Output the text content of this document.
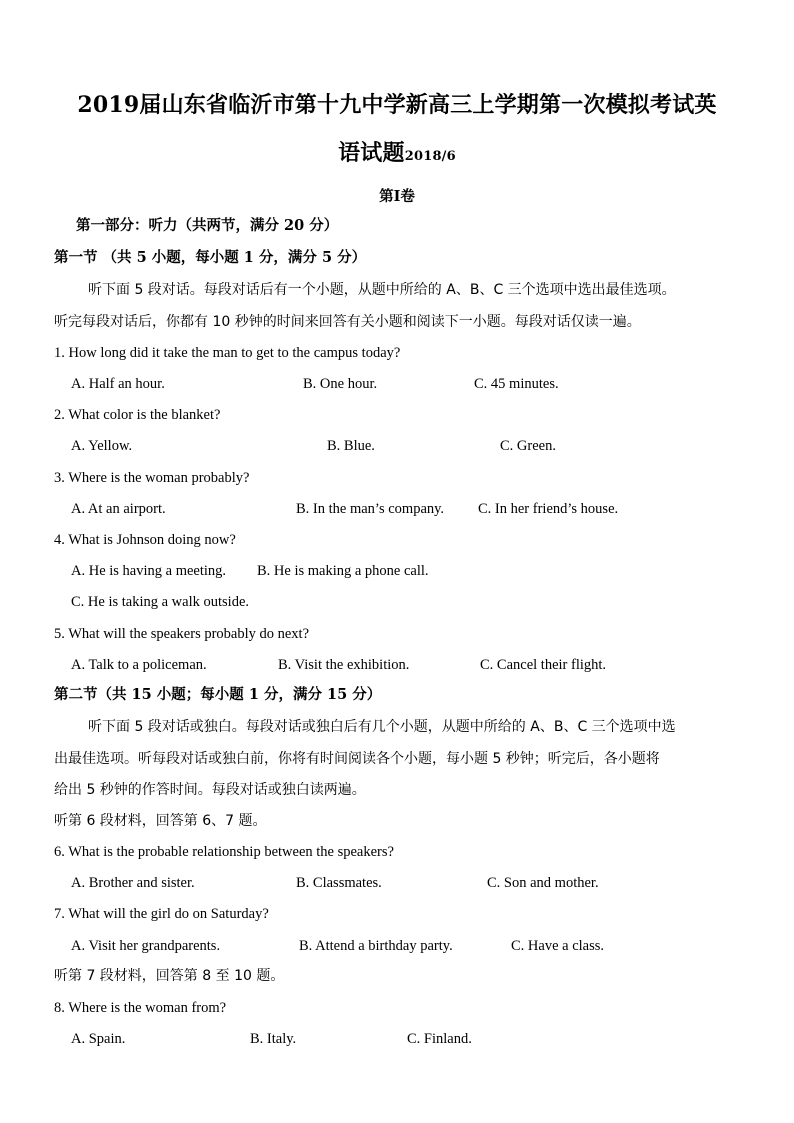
2019届山东省临沂市第十九中学新高三上学期第一次模拟考试英
语试题2018/6
第I卷
第一部分：听力（共两节，满分 20 分）
第一节 （共 5 小题，每小题 1 分，满分 5 分）
听下面 5 段对话。每段对话后有一个小题，从题中所给的 A、B、C 三个选项中选出最佳选项。
听完每段对话后，你都有 10 秒钟的时间来回答有关小题和阅读下一小题。每段对话仅读一遍。
1. How long did it take the man to get to the campus today?
A. Half an hour.	B. One hour.	C. 45 minutes.
2. What color is the blanket?
A. Yellow.	B. Blue.	C. Green.
3. Where is the woman probably?
A. At an airport.	B. In the man’s company. C. In her friend’s house.
4. What is Johnson doing now?
A. He is having a meeting. B. He is making a phone call.
C. He is taking a walk outside.
5. What will the speakers probably do next?
A. Talk to a policeman.	B. Visit the exhibition.	C. Cancel their flight.
第二节（共 15 小题；每小题 1 分，满分 15 分）
听下面 5 段对话或独白。每段对话或独白后有几个小题，从题中所给的 A、B、C 三个选项中选
出最佳选项。听每段对话或独白前，你将有时间阅读各个小题，每小题 5 秒钟；听完后，各小题将
给出 5 秒钟的作答时间。每段对话或独白读两遍。
听第 6 段材料，回答第 6、7 题。
6. What is the probable relationship between the speakers?
A. Brother and sister.	B. Classmates.	C. Son and mother.
7. What will the girl do on Saturday?
A. Visit her grandparents.	B. Attend a birthday party.	C. Have a class.
听第 7 段材料，回答第 8 至 10 题。
8. Where is the woman from?
A. Spain.	B. Italy.	C. Finland.
